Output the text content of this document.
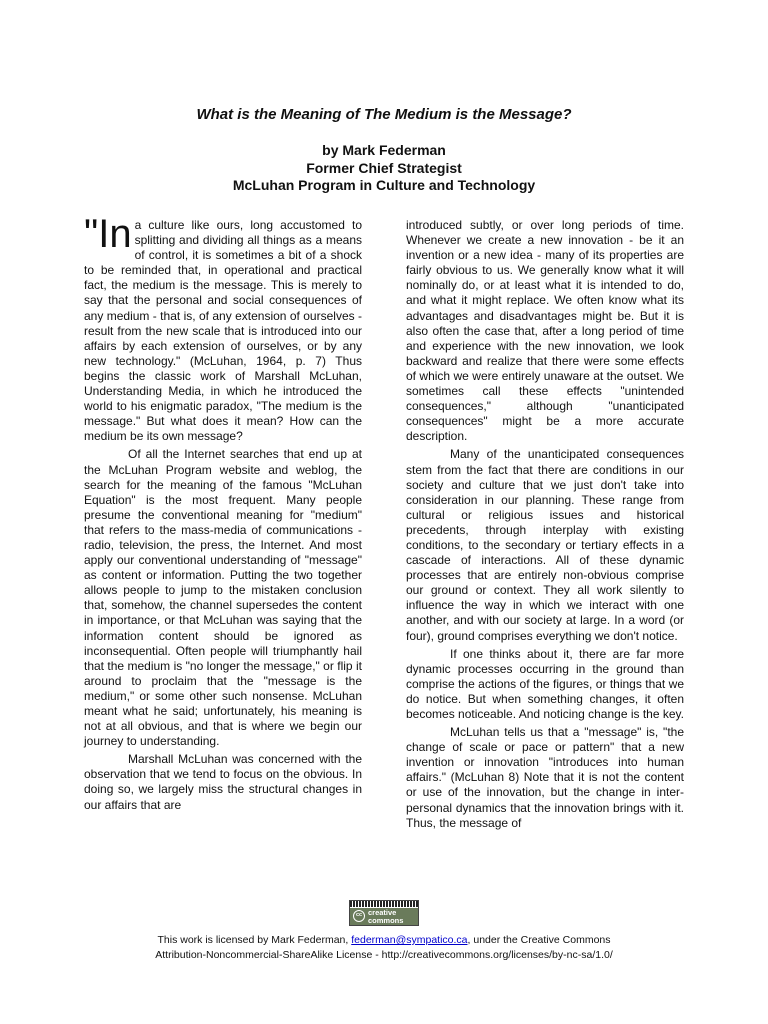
What is the Meaning of The Medium is the Message?
by Mark Federman
Former Chief Strategist
McLuhan Program in Culture and Technology

"In a culture like ours, long accustomed to splitting and dividing all things as a means of control, it is sometimes a bit of a shock to be reminded that, in operational and practical fact, the medium is the message. This is merely to say that the personal and social consequences of any medium - that is, of any extension of ourselves - result from the new scale that is introduced into our affairs by each extension of ourselves, or by any new technology." (McLuhan, 1964, p. 7) Thus begins the classic work of Marshall McLuhan, Understanding Media, in which he introduced the world to his enigmatic paradox, "The medium is the message." But what does it mean? How can the medium be its own message?

Of all the Internet searches that end up at the McLuhan Program website and weblog, the search for the meaning of the famous "McLuhan Equation" is the most frequent. Many people presume the conventional meaning for "medium" that refers to the mass-media of communications - radio, television, the press, the Internet. And most apply our conventional understanding of "message" as content or information. Putting the two together allows people to jump to the mistaken conclusion that, somehow, the channel supersedes the content in importance, or that McLuhan was saying that the information content should be ignored as inconsequential. Often people will triumphantly hail that the medium is "no longer the message," or flip it around to proclaim that the "message is the medium," or some other such nonsense. McLuhan meant what he said; unfortunately, his meaning is not at all obvious, and that is where we begin our journey to understanding.

Marshall McLuhan was concerned with the observation that we tend to focus on the obvious. In doing so, we largely miss the structural changes in our affairs that are

introduced subtly, or over long periods of time. Whenever we create a new innovation - be it an invention or a new idea - many of its properties are fairly obvious to us. We generally know what it will nominally do, or at least what it is intended to do, and what it might replace. We often know what its advantages and disadvantages might be. But it is also often the case that, after a long period of time and experience with the new innovation, we look backward and realize that there were some effects of which we were entirely unaware at the outset. We sometimes call these effects "unintended consequences," although "unanticipated consequences" might be a more accurate description.

Many of the unanticipated consequences stem from the fact that there are conditions in our society and culture that we just don't take into consideration in our planning. These range from cultural or religious issues and historical precedents, through interplay with existing conditions, to the secondary or tertiary effects in a cascade of interactions. All of these dynamic processes that are entirely non-obvious comprise our ground or context. They all work silently to influence the way in which we interact with one another, and with our society at large. In a word (or four), ground comprises everything we don't notice.

If one thinks about it, there are far more dynamic processes occurring in the ground than comprise the actions of the figures, or things that we do notice. But when something changes, it often becomes noticeable. And noticing change is the key.

McLuhan tells us that a "message" is, "the change of scale or pace or pattern" that a new invention or innovation "introduces into human affairs." (McLuhan 8) Note that it is not the content or use of the innovation, but the change in inter-personal dynamics that the innovation brings with it. Thus, the message of

cc creative commons
This work is licensed by Mark Federman, federman@sympatico.ca, under the Creative Commons
Attribution-Noncommercial-ShareAlike License - http://creativecommons.org/licenses/by-nc-sa/1.0/
